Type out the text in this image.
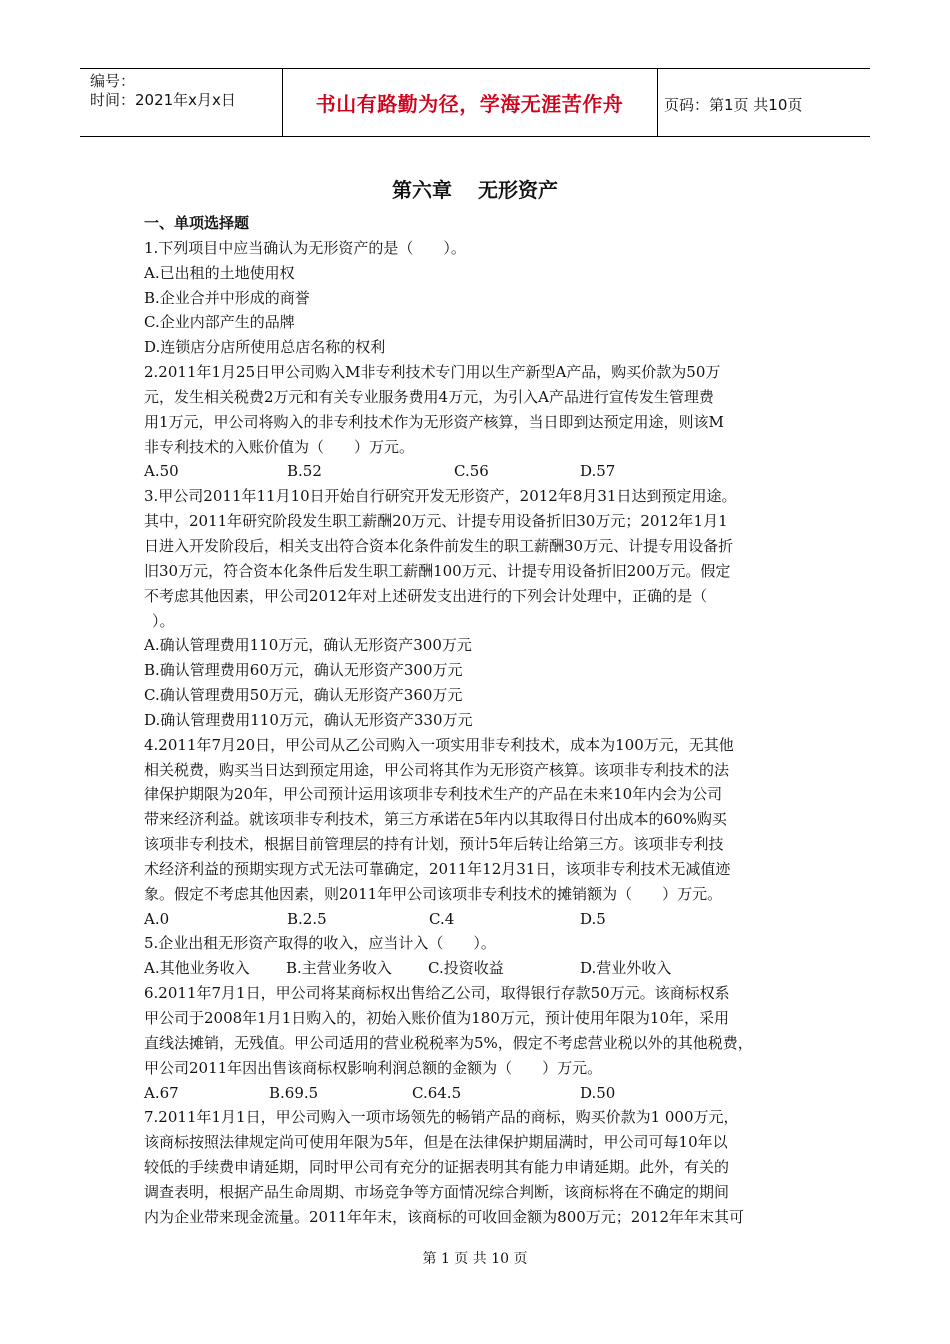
编号：
时间：2021年x月x日	书山有路勤为径，学海无涯苦作舟	页码：第1页 共10页
第六章 无形资产
一、单项选择题
1.下列项目中应当确认为无形资产的是（　　）。
A.已出租的土地使用权
B.企业合并中形成的商誉
C.企业内部产生的品牌
D.连锁店分店所使用总店名称的权利
2.2011年1月25日甲公司购入M非专利技术专门用以生产新型A产品，购买价款为50万
元，发生相关税费2万元和有关专业服务费用4万元，为引入A产品进行宣传发生管理费
用1万元，甲公司将购入的非专利技术作为无形资产核算，当日即到达预定用途，则该M
非专利技术的入账价值为（　　）万元。
A.50	B.52	C.56	D.57
3.甲公司2011年11月10日开始自行研究开发无形资产，2012年8月31日达到预定用途。
其中，2011年研究阶段发生职工薪酬20万元、计提专用设备折旧30万元；2012年1月1
日进入开发阶段后，相关支出符合资本化条件前发生的职工薪酬30万元、计提专用设备折
旧30万元，符合资本化条件后发生职工薪酬100万元、计提专用设备折旧200万元。假定
不考虑其他因素，甲公司2012年对上述研发支出进行的下列会计处理中，正确的是（
）。
A.确认管理费用110万元，确认无形资产300万元
B.确认管理费用60万元，确认无形资产300万元
C.确认管理费用50万元，确认无形资产360万元
D.确认管理费用110万元，确认无形资产330万元
4.2011年7月20日，甲公司从乙公司购入一项实用非专利技术，成本为100万元，无其他
相关税费，购买当日达到预定用途，甲公司将其作为无形资产核算。该项非专利技术的法
律保护期限为20年，甲公司预计运用该项非专利技术生产的产品在未来10年内会为公司
带来经济利益。就该项非专利技术，第三方承诺在5年内以其取得日付出成本的60%购买
该项非专利技术，根据目前管理层的持有计划，预计5年后转让给第三方。该项非专利技
术经济利益的预期实现方式无法可靠确定，2011年12月31日，该项非专利技术无减值迹
象。假定不考虑其他因素，则2011年甲公司该项非专利技术的摊销额为（　　）万元。
A.0	B.2.5	C.4	D.5
5.企业出租无形资产取得的收入，应当计入（　　）。
A.其他业务收入	B.主营业务收入	C.投资收益	D.营业外收入
6.2011年7月1日，甲公司将某商标权出售给乙公司，取得银行存款50万元。该商标权系
甲公司于2008年1月1日购入的，初始入账价值为180万元，预计使用年限为10年，采用
直线法摊销，无残值。甲公司适用的营业税税率为5%，假定不考虑营业税以外的其他税费，
甲公司2011年因出售该商标权影响利润总额的金额为（　　）万元。
A.67	B.69.5	C.64.5	D.50
7.2011年1月1日，甲公司购入一项市场领先的畅销产品的商标，购买价款为1 000万元，
该商标按照法律规定尚可使用年限为5年，但是在法律保护期届满时，甲公司可每10年以
较低的手续费申请延期，同时甲公司有充分的证据表明其有能力申请延期。此外，有关的
调查表明，根据产品生命周期、市场竞争等方面情况综合判断，该商标将在不确定的期间
内为企业带来现金流量。2011年年末，该商标的可收回金额为800万元；2012年年末其可
第 1 页 共 10 页
